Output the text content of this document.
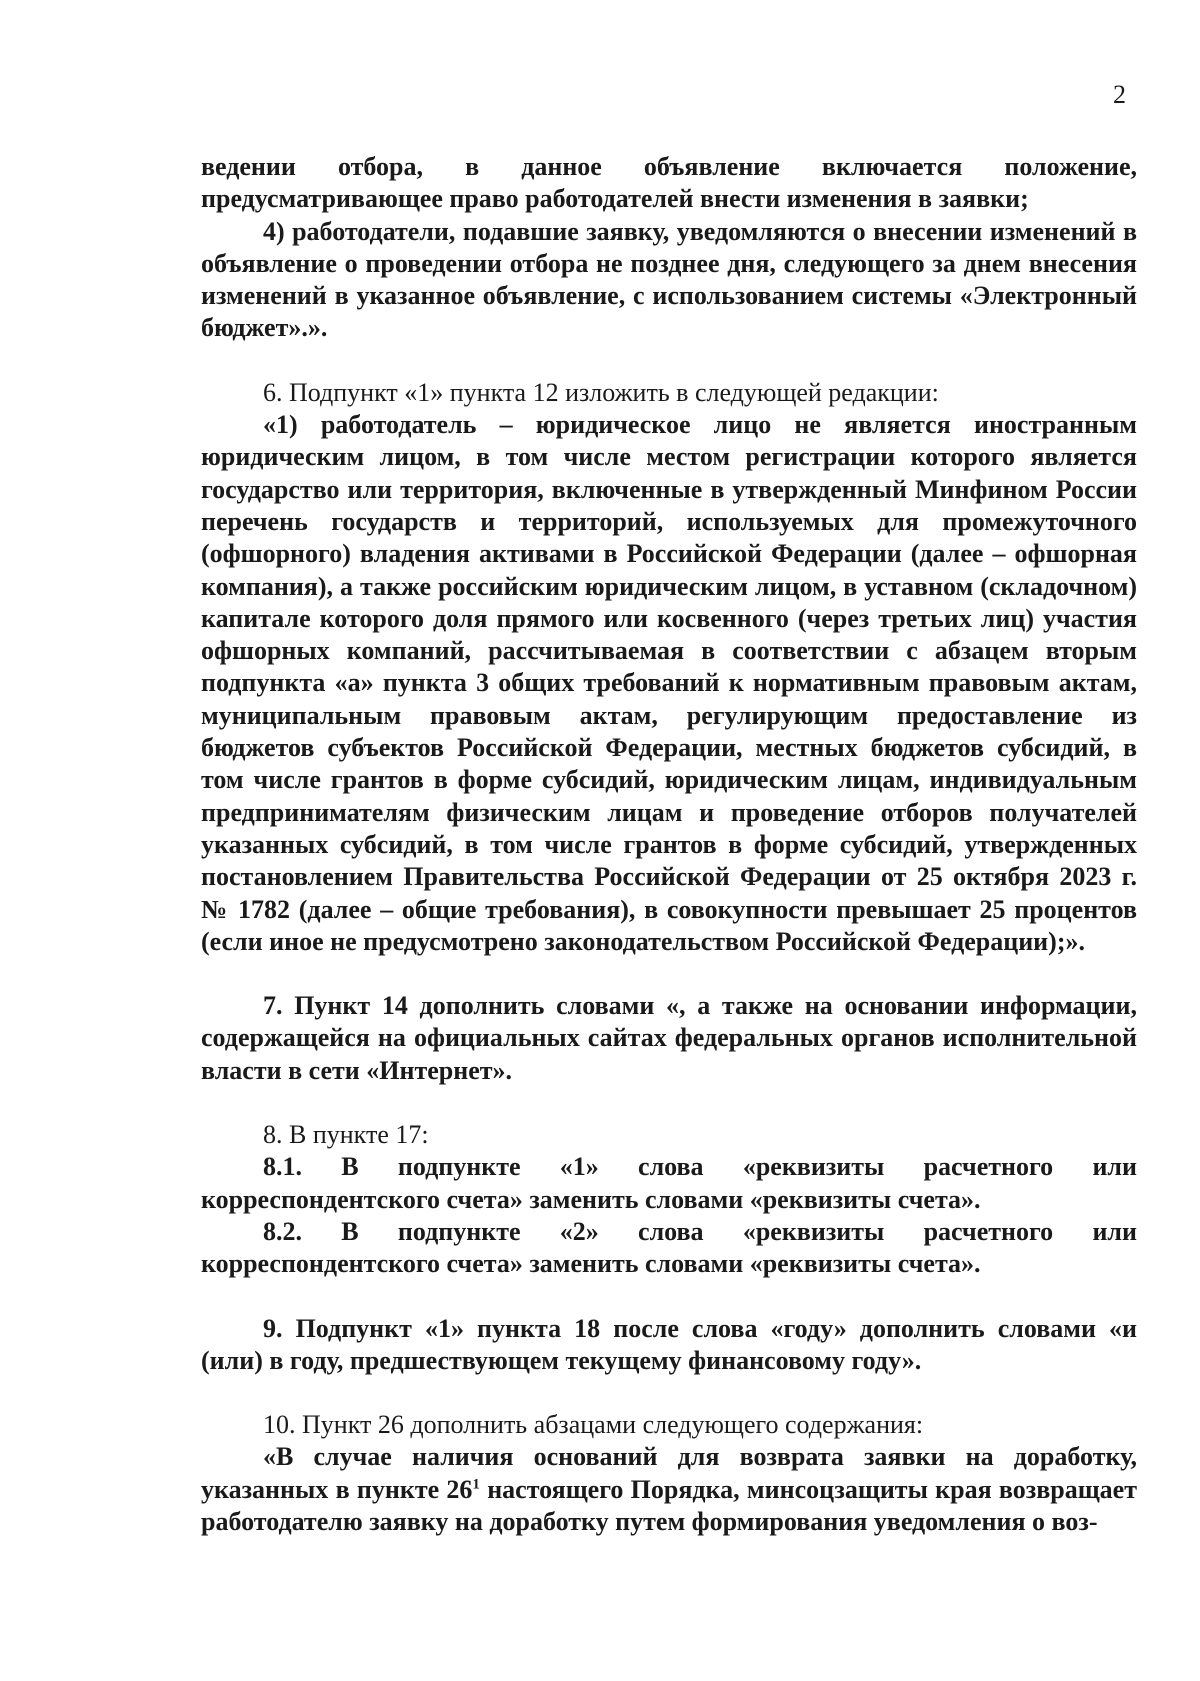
2

ведении отбора, в данное объявление включается положение, предусматривающее право работодателей внести изменения в заявки;

4) работодатели, подавшие заявку, уведомляются о внесении изменений в объявление о проведении отбора не позднее дня, следующего за днем внесения изменений в указанное объявление, с использованием системы «Электронный бюджет».».

6. Подпункт «1» пункта 12 изложить в следующей редакции:

«1) работодатель – юридическое лицо не является иностранным юридическим лицом, в том числе местом регистрации которого является государство или территория, включенные в утвержденный Минфином России перечень государств и территорий, используемых для промежуточного (офшорного) владения активами в Российской Федерации (далее – офшорная компания), а также российским юридическим лицом, в уставном (складочном) капитале которого доля прямого или косвенного (через третьих лиц) участия офшорных компаний, рассчитываемая в соответствии с абзацем вторым подпункта «а» пункта 3 общих требований к нормативным правовым актам, муниципальным правовым актам, регулирующим предоставление из бюджетов субъектов Российской Федерации, местных бюджетов субсидий, в том числе грантов в форме субсидий, юридическим лицам, индивидуальным предпринимателям физическим лицам и проведение отборов получателей указанных субсидий, в том числе грантов в форме субсидий, утвержденных постановлением Правительства Российской Федерации от 25 октября 2023 г. № 1782 (далее – общие требования), в совокупности превышает 25 процентов (если иное не предусмотрено законодательством Российской Федерации);».

7. Пункт 14 дополнить словами «, а также на основании информации, содержащейся на официальных сайтах федеральных органов исполнительной власти в сети «Интернет».

8. В пункте 17:

8.1. В подпункте «1» слова «реквизиты расчетного или корреспондентского счета» заменить словами «реквизиты счета».

8.2. В подпункте «2» слова «реквизиты расчетного или корреспондентского счета» заменить словами «реквизиты счета».

9. Подпункт «1» пункта 18 после слова «году» дополнить словами «и (или) в году, предшествующем текущему финансовому году».

10. Пункт 26 дополнить абзацами следующего содержания:

«В случае наличия оснований для возврата заявки на доработку, указанных в пункте $26^1$ настоящего Порядка, минсоцзащиты края возвращает работодателю заявку на доработку путем формирования уведомления о воз-
